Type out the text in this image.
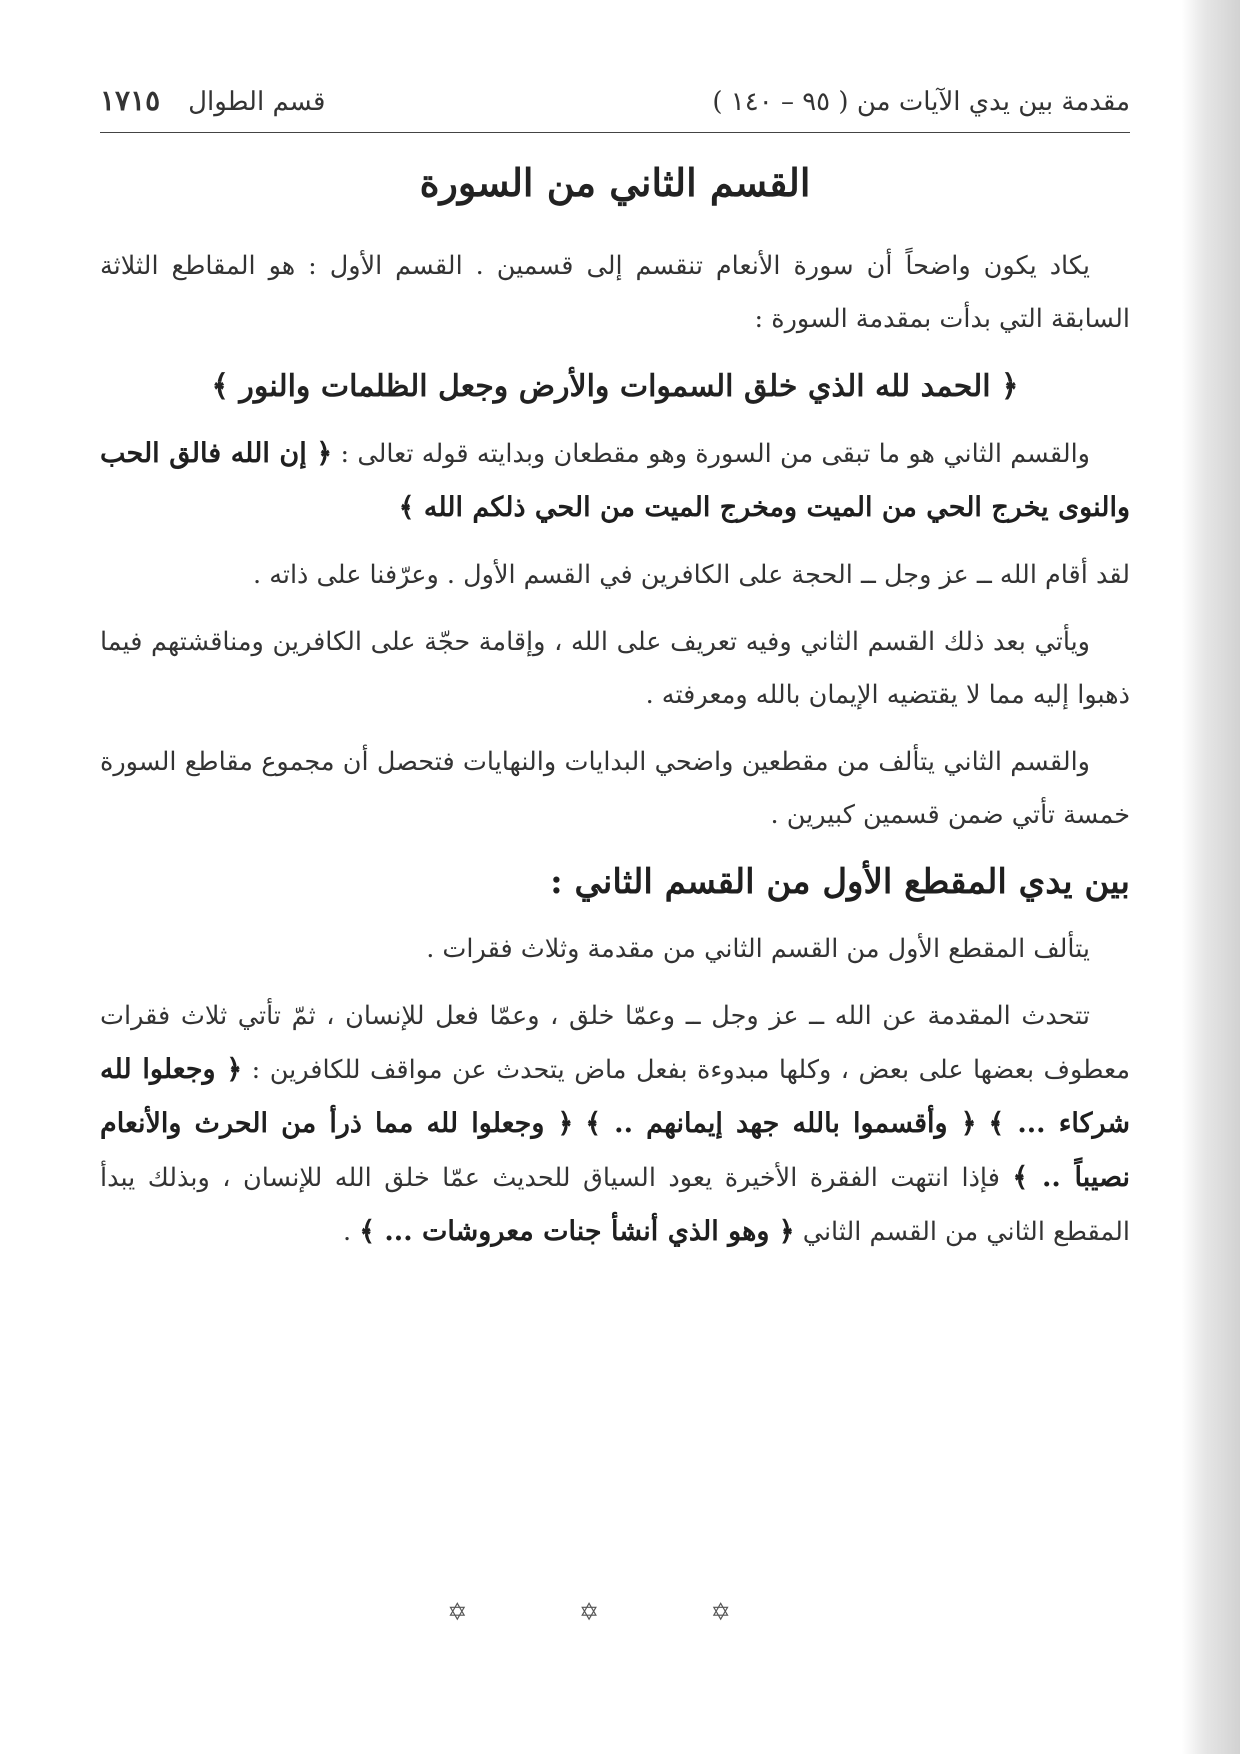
مقدمة بين يدي الآيات من ( ٩٥ – ١٤٠ )
قسم الطوال
١٧١٥
القسم الثاني من السورة

يكاد يكون واضحاً أن سورة الأنعام تنقسم إلى قسمين . القسم الأول : هو المقاطع الثلاثة السابقة التي بدأت بمقدمة السورة :

﴿ الحمد لله الذي خلق السموات والأرض وجعل الظلمات والنور ﴾

والقسم الثاني هو ما تبقى من السورة وهو مقطعان وبدايته قوله تعالى : ﴿ إن الله فالق الحب والنوى يخرج الحي من الميت ومخرج الميت من الحي ذلكم الله ﴾

لقد أقام الله ــ عز وجل ــ الحجة على الكافرين في القسم الأول . وعرّفنا على ذاته .

ويأتي بعد ذلك القسم الثاني وفيه تعريف على الله ، وإقامة حجّة على الكافرين ومناقشتهم فيما ذهبوا إليه مما لا يقتضيه الإيمان بالله ومعرفته .

والقسم الثاني يتألف من مقطعين واضحي البدايات والنهايات فتحصل أن مجموع مقاطع السورة خمسة تأتي ضمن قسمين كبيرين .

بين يدي المقطع الأول من القسم الثاني :

يتألف المقطع الأول من القسم الثاني من مقدمة وثلاث فقرات .

تتحدث المقدمة عن الله ــ عز وجل ــ وعمّا خلق ، وعمّا فعل للإنسان ، ثمّ تأتي ثلاث فقرات معطوف بعضها على بعض ، وكلها مبدوءة بفعل ماض يتحدث عن مواقف للكافرين : ﴿ وجعلوا لله شركاء ... ﴾ ﴿ وأقسموا بالله جهد إيمانهم .. ﴾ ﴿ وجعلوا لله مما ذرأ من الحرث والأنعام نصيباً .. ﴾ فإذا انتهت الفقرة الأخيرة يعود السياق للحديث عمّا خلق الله للإنسان ، وبذلك يبدأ المقطع الثاني من القسم الثاني ﴿ وهو الذي أنشأ جنات معروشات ... ﴾ .

✡ ✡ ✡
